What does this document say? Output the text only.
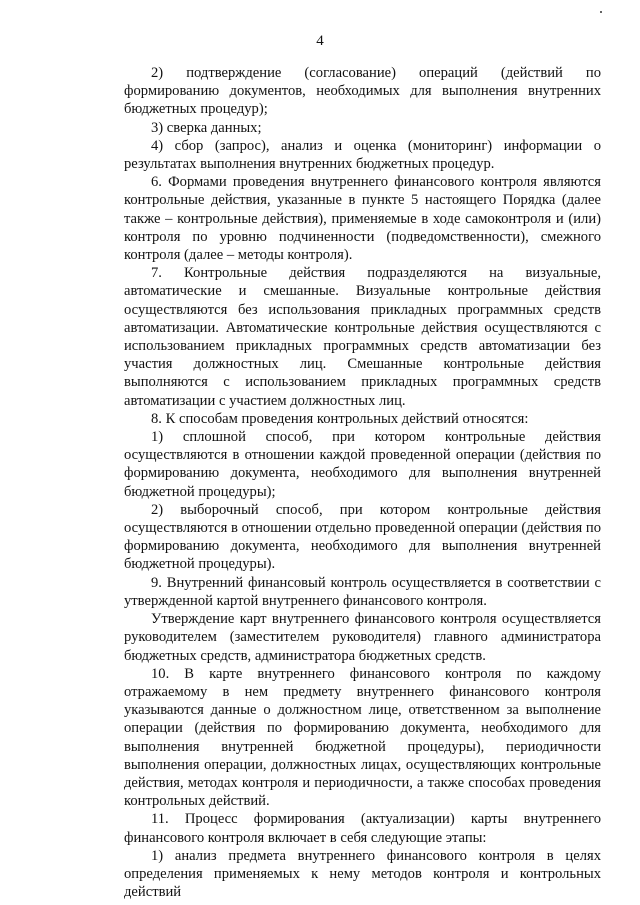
4

2) подтверждение (согласование) операций (действий по формированию документов, необходимых для выполнения внутренних бюджетных процедур);

3) сверка данных;

4) сбор (запрос), анализ и оценка (мониторинг) информации о результатах выполнения внутренних бюджетных процедур.

6. Формами проведения внутреннего финансового контроля являются контрольные действия, указанные в пункте 5 настоящего Порядка (далее также – контрольные действия), применяемые в ходе самоконтроля и (или) контроля по уровню подчиненности (подведомственности), смежного контроля (далее – методы контроля).

7. Контрольные действия подразделяются на визуальные, автоматические и смешанные. Визуальные контрольные действия осуществляются без использования прикладных программных средств автоматизации. Автоматические контрольные действия осуществляются с использованием прикладных программных средств автоматизации без участия должностных лиц. Смешанные контрольные действия выполняются с использованием прикладных программных средств автоматизации с участием должностных лиц.

8. К способам проведения контрольных действий относятся:

1) сплошной способ, при котором контрольные действия осуществляются в отношении каждой проведенной операции (действия по формированию документа, необходимого для выполнения внутренней бюджетной процедуры);

2) выборочный способ, при котором контрольные действия осуществляются в отношении отдельно проведенной операции (действия по формированию документа, необходимого для выполнения внутренней бюджетной процедуры).

9. Внутренний финансовый контроль осуществляется в соответствии с утвержденной картой внутреннего финансового контроля.

Утверждение карт внутреннего финансового контроля осуществляется руководителем (заместителем руководителя) главного администратора бюджетных средств, администратора бюджетных средств.

10. В карте внутреннего финансового контроля по каждому отражаемому в нем предмету внутреннего финансового контроля указываются данные о должностном лице, ответственном за выполнение операции (действия по формированию документа, необходимого для выполнения внутренней бюджетной процедуры), периодичности выполнения операции, должностных лицах, осуществляющих контрольные действия, методах контроля и периодичности, а также способах проведения контрольных действий.

11. Процесс формирования (актуализации) карты внутреннего финансового контроля включает в себя следующие этапы:

1) анализ предмета внутреннего финансового контроля в целях определения применяемых к нему методов контроля и контрольных действий
